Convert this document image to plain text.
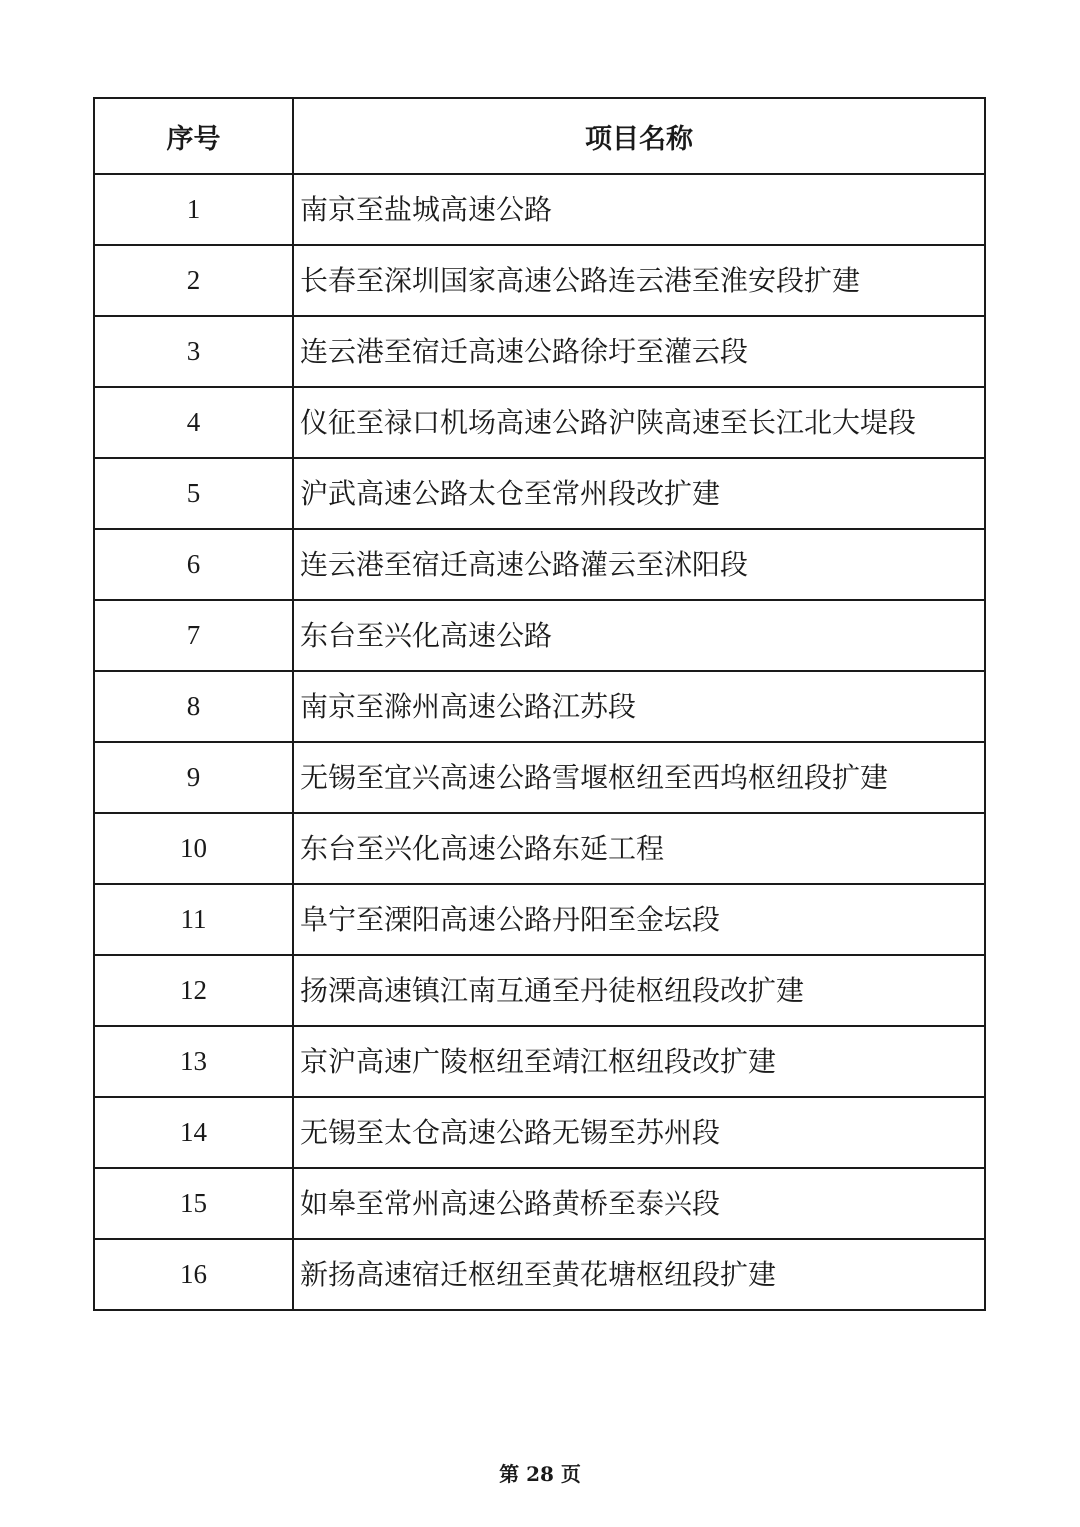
序号	项目名称
1	南京至盐城高速公路
2	长春至深圳国家高速公路连云港至淮安段扩建
3	连云港至宿迁高速公路徐圩至灌云段
4	仪征至禄口机场高速公路沪陕高速至长江北大堤段
5	沪武高速公路太仓至常州段改扩建
6	连云港至宿迁高速公路灌云至沭阳段
7	东台至兴化高速公路
8	南京至滁州高速公路江苏段
9	无锡至宜兴高速公路雪堰枢纽至西坞枢纽段扩建
10	东台至兴化高速公路东延工程
11	阜宁至溧阳高速公路丹阳至金坛段
12	扬溧高速镇江南互通至丹徒枢纽段改扩建
13	京沪高速广陵枢纽至靖江枢纽段改扩建
14	无锡至太仓高速公路无锡至苏州段
15	如皋至常州高速公路黄桥至泰兴段
16	新扬高速宿迁枢纽至黄花塘枢纽段扩建
第 28 页
